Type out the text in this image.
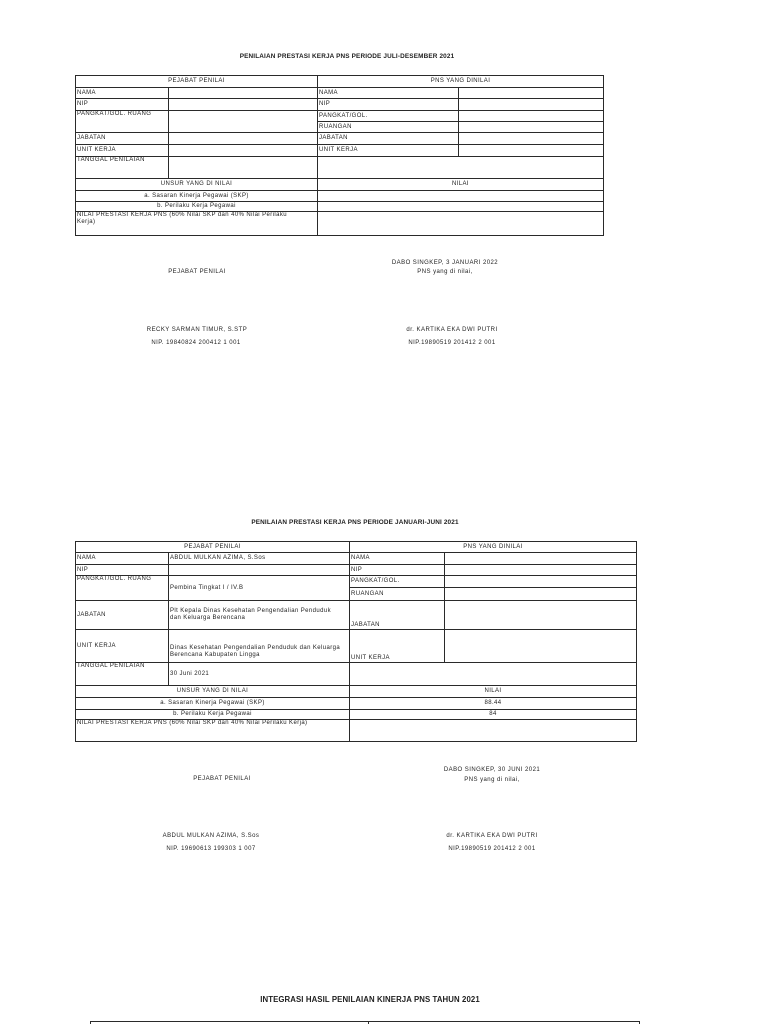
PENILAIAN PRESTASI KERJA PNS PERIODE JULI-DESEMBER 2021
PEJABAT PENILAI		PNS YANG DINILAI	
NAMA		NAMA	
NIP		NIP	
PANGKAT/GOL. RUANG		PANGKAT/GOL.	
		RUANGAN	
JABATAN		JABATAN	
UNIT KERJA		UNIT KERJA	
TANGGAL PENILAIAN			
UNSUR YANG DI NILAI		NILAI	
a. Sasaran Kinerja Pegawai (SKP)			
b. Perilaku Kerja Pegawai			
NILAI PRESTASI KERJA PNS (60% Nilai SKP dan 40% Nilai Perilaku Kerja)			
DABO SINGKEP, 3 JANUARI 2022
PEJABAT PENILAI	PNS yang di nilai,
RECKY SARMAN TIMUR, S.STP
NIP. 19840824 200412 1 001
dr. KARTIKA EKA DWI PUTRI
NIP.19890519 201412 2 001
PENILAIAN PRESTASI KERJA PNS PERIODE JANUARI-JUNI 2021
PEJABAT PENILAI		PNS YANG DINILAI	
NAMA	ABDUL MULKAN AZIMA, S.Sos	NAMA	
NIP		NIP	
PANGKAT/GOL. RUANG	Pembina Tingkat I / IV.B	PANGKAT/GOL.	
		RUANGAN	
JABATAN	Plt Kepala Dinas Kesehatan Pengendalian Penduduk dan Keluarga Berencana	JABATAN	
UNIT KERJA	Dinas Kesehatan Pengendalian Penduduk dan Keluarga Berencana Kabupaten Lingga	UNIT KERJA	
TANGGAL PENILAIAN	30 Juni 2021		
UNSUR YANG DI NILAI		NILAI	
a. Sasaran Kinerja Pegawai (SKP)		88.44	
b. Perilaku Kerja Pegawai		84	
NILAI PRESTASI KERJA PNS (60% Nilai SKP dan 40% Nilai Perilaku Kerja)			
DABO SINGKEP, 30 JUNI 2021
PEJABAT PENILAI	PNS yang di nilai,
ABDUL MULKAN AZIMA, S.Sos
NIP. 19690613 199303 1 007
dr. KARTIKA EKA DWI PUTRI
NIP.19890519 201412 2 001
INTEGRASI HASIL PENILAIAN KINERJA PNS TAHUN 2021
